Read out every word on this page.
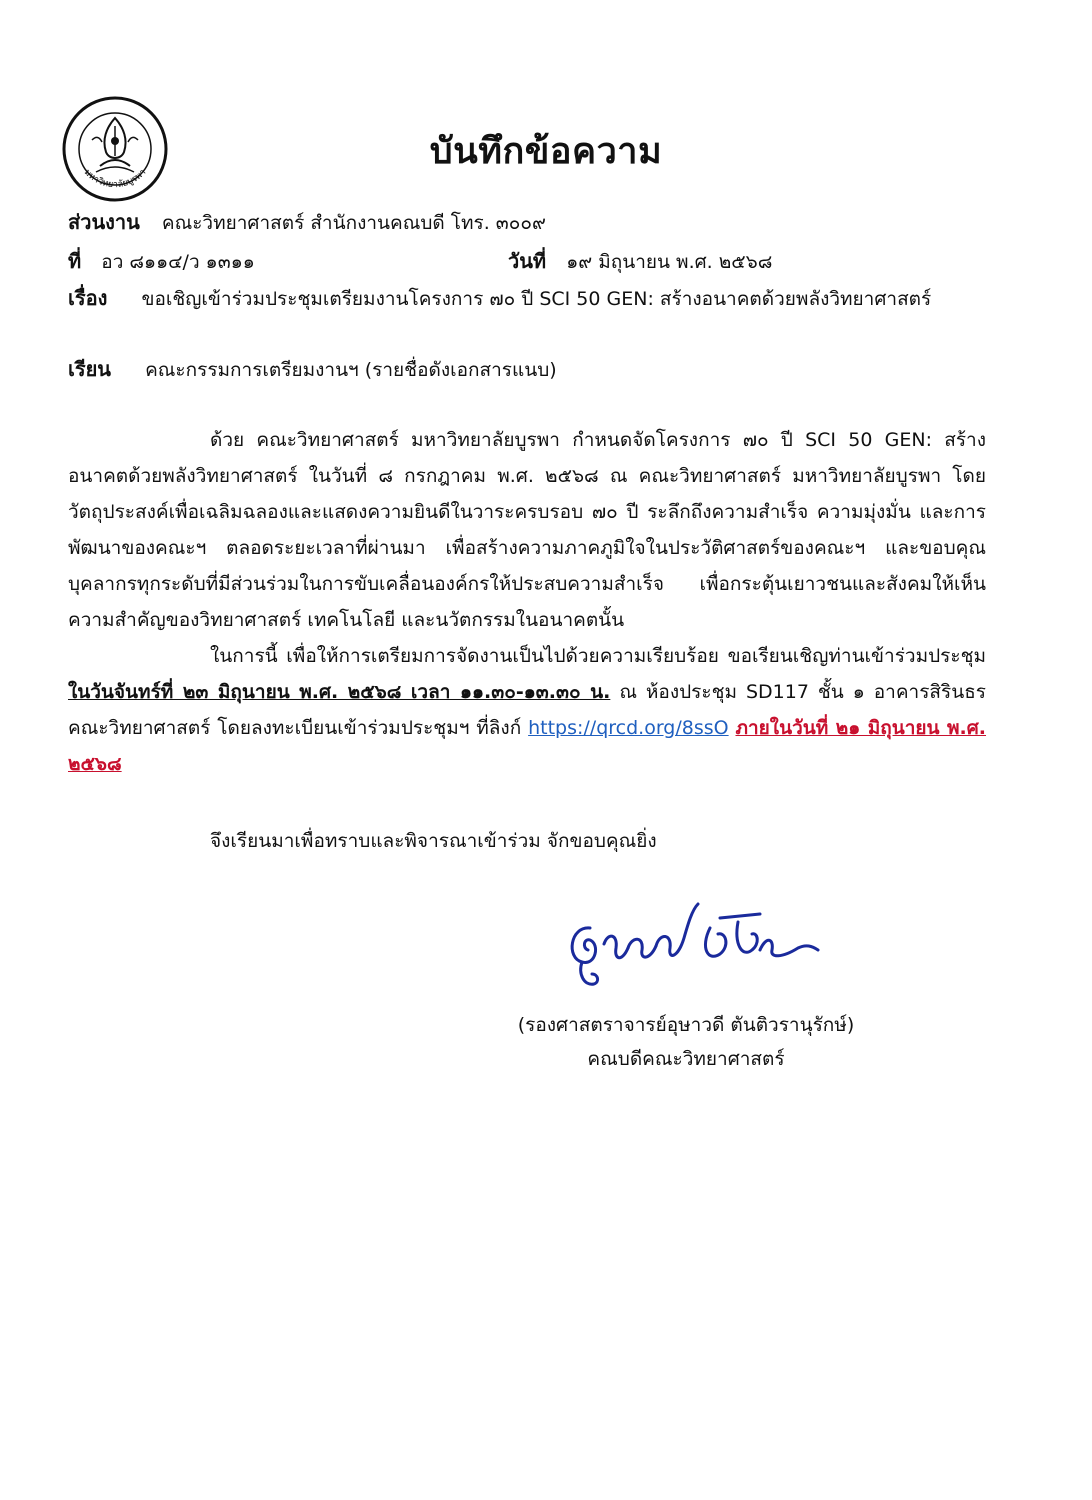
มหาวิทยาลัยบูรพา
บันทึกข้อความ
ส่วนงาน คณะวิทยาศาสตร์ สำนักงานคณบดี โทร. ๓๐๐๙
ที่ อว ๘๑๑๔/ว ๑๓๑๑	วันที่ ๑๙ มิถุนายน พ.ศ. ๒๕๖๘
เรื่อง ขอเชิญเข้าร่วมประชุมเตรียมงานโครงการ ๗๐ ปี SCI 50 GEN: สร้างอนาคตด้วยพลังวิทยาศาสตร์
เรียน คณะกรรมการเตรียมงานฯ (รายชื่อดังเอกสารแนบ)

ด้วย คณะวิทยาศาสตร์ มหาวิทยาลัยบูรพา กำหนดจัดโครงการ ๗๐ ปี SCI 50 GEN: สร้างอนาคตด้วยพลังวิทยาศาสตร์ ในวันที่ ๘ กรกฎาคม พ.ศ. ๒๕๖๘ ณ คณะวิทยาศาสตร์ มหาวิทยาลัยบูรพา โดยวัตถุประสงค์เพื่อเฉลิมฉลองและแสดงความยินดีในวาระครบรอบ ๗๐ ปี ระลึกถึงความสำเร็จ ความมุ่งมั่น และการพัฒนาของคณะฯ ตลอดระยะเวลาที่ผ่านมา เพื่อสร้างความภาคภูมิใจในประวัติศาสตร์ของคณะฯ และขอบคุณบุคลากรทุกระดับที่มีส่วนร่วมในการขับเคลื่อนองค์กรให้ประสบความสำเร็จ เพื่อกระตุ้นเยาวชนและสังคมให้เห็นความสำคัญของวิทยาศาสตร์ เทคโนโลยี และนวัตกรรมในอนาคตนั้น

ในการนี้ เพื่อให้การเตรียมการจัดงานเป็นไปด้วยความเรียบร้อย ขอเรียนเชิญท่านเข้าร่วมประชุม ในวันจันทร์ที่ ๒๓ มิถุนายน พ.ศ. ๒๕๖๘ เวลา ๑๑.๓๐-๑๓.๓๐ น. ณ ห้องประชุม SD117 ชั้น ๑ อาคารสิรินธร คณะวิทยาศาสตร์ โดยลงทะเบียนเข้าร่วมประชุมฯ ที่ลิงก์ https://qrcd.org/8ssO ภายในวันที่ ๒๑ มิถุนายน พ.ศ. ๒๕๖๘

จึงเรียนมาเพื่อทราบและพิจารณาเข้าร่วม จักขอบคุณยิ่ง
(รองศาสตราจารย์อุษาวดี ตันติวรานุรักษ์)
คณบดีคณะวิทยาศาสตร์
